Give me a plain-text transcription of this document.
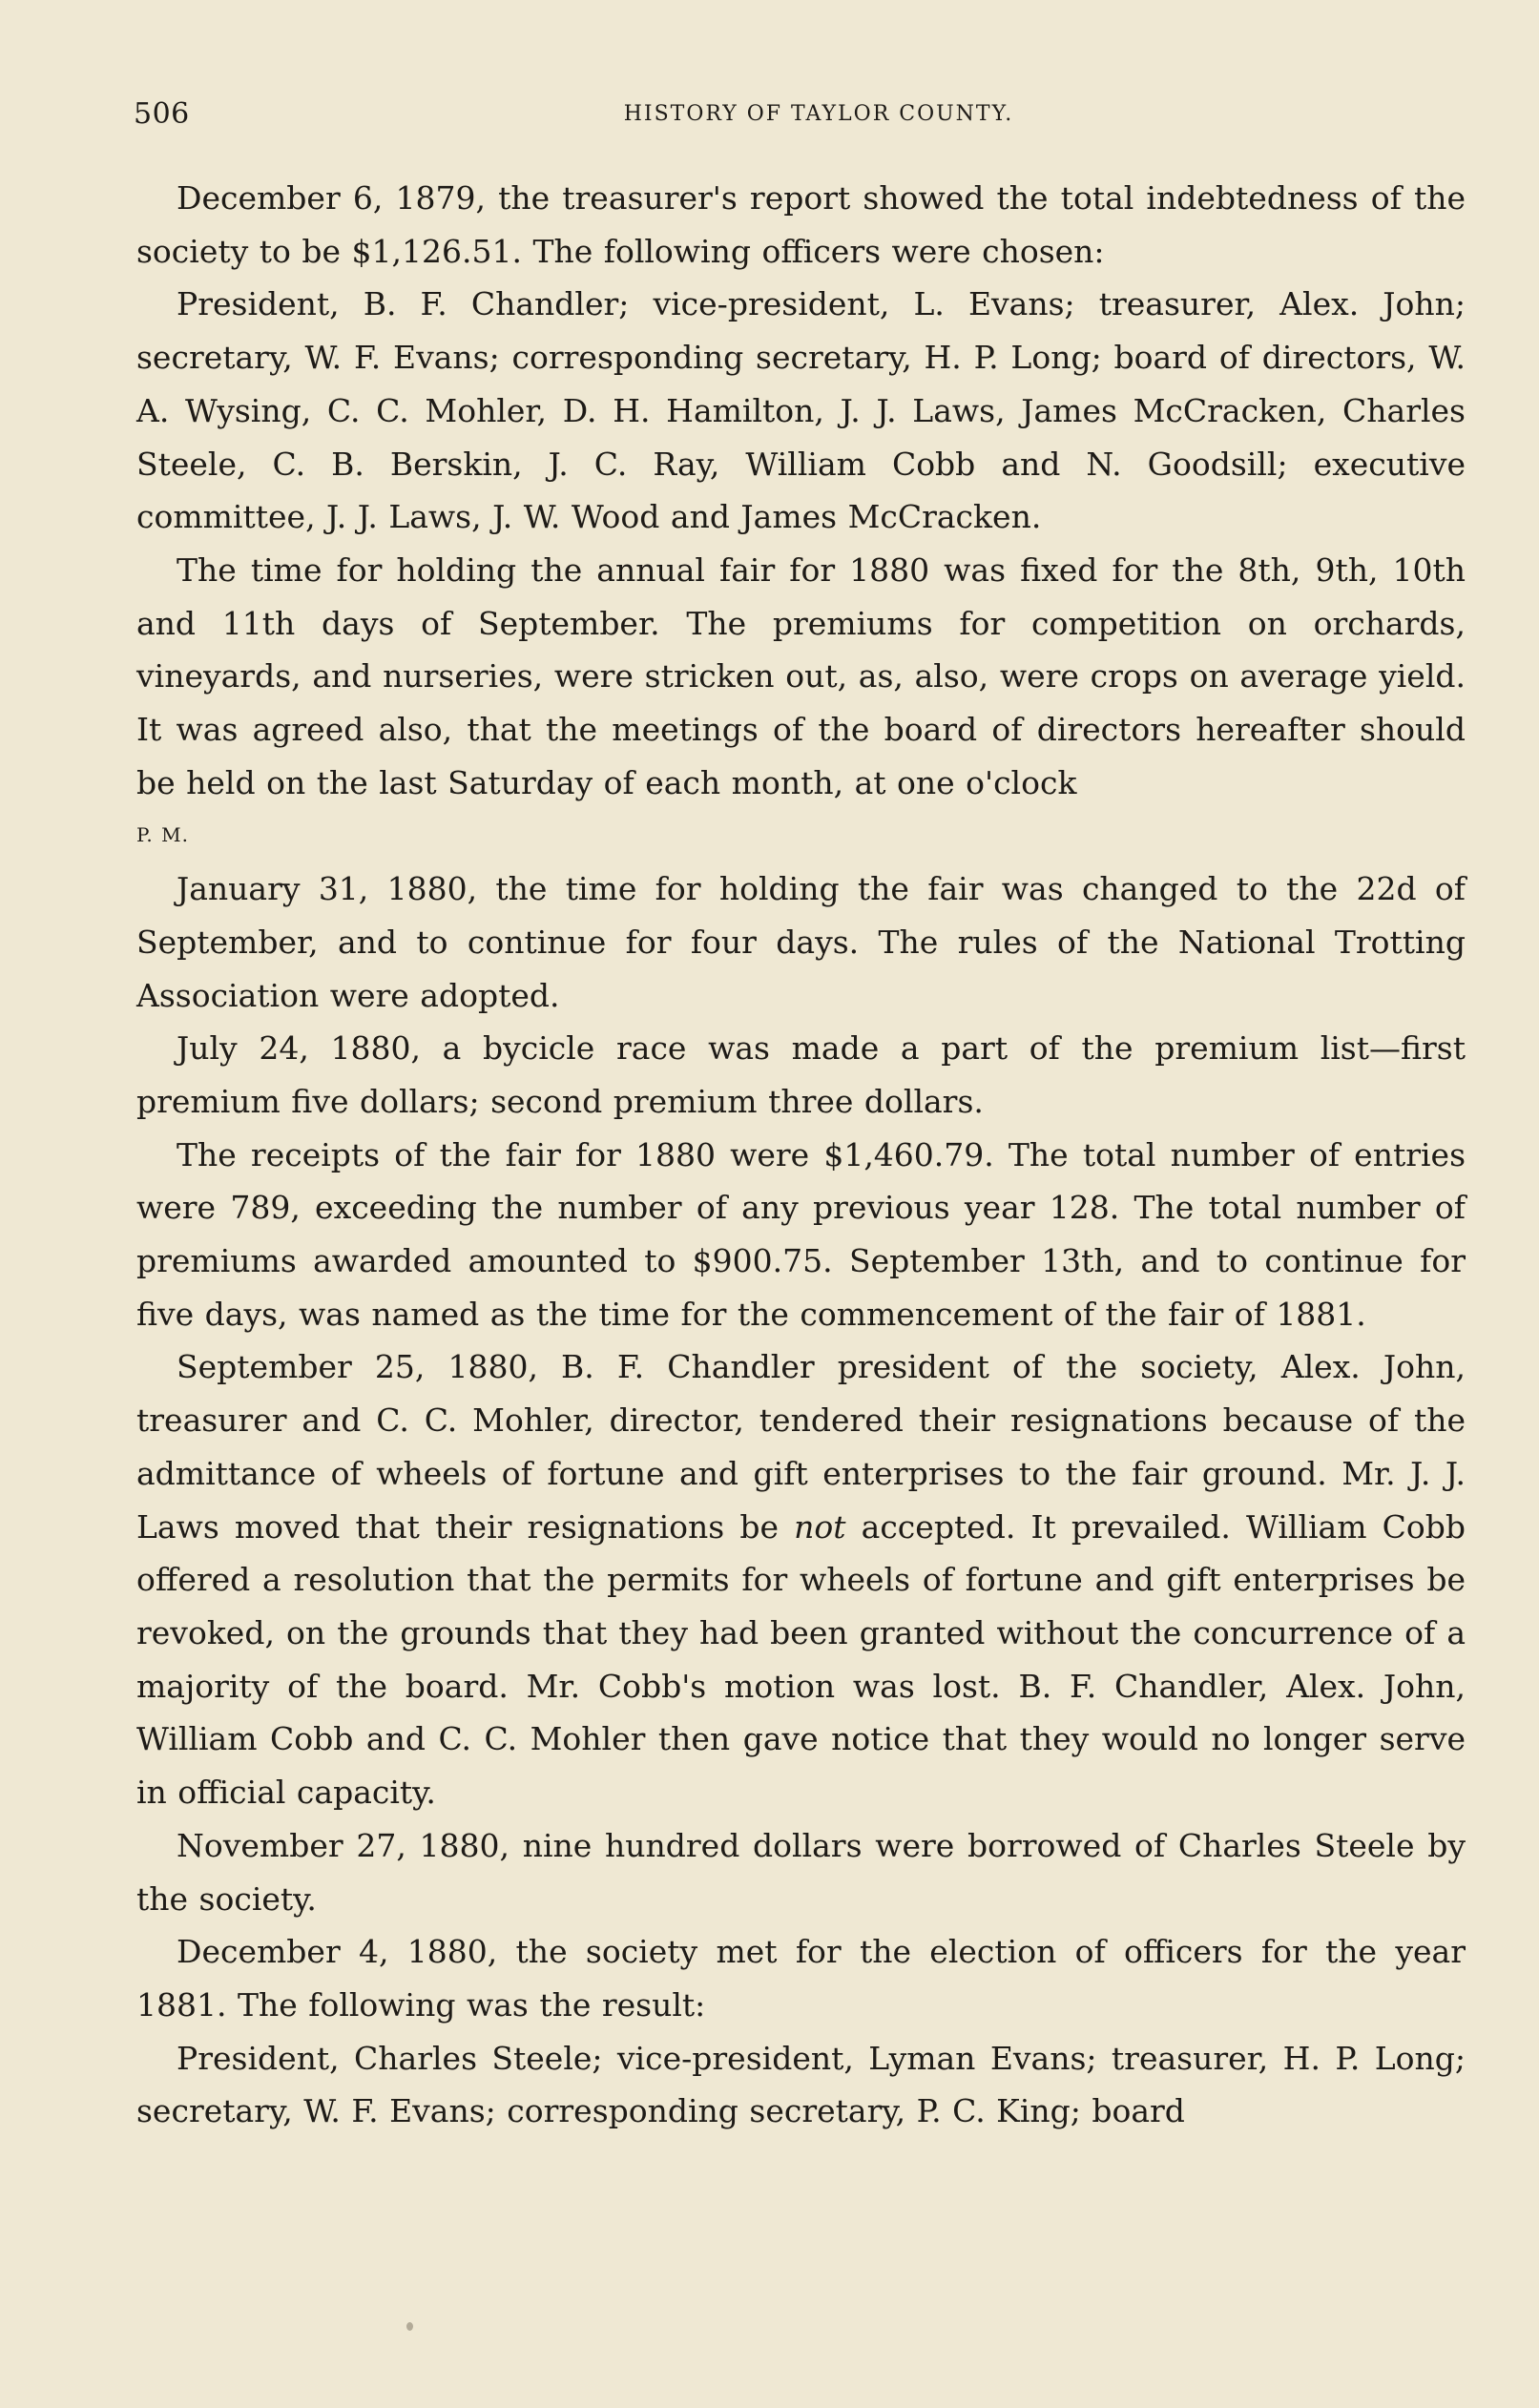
506	HISTORY OF TAYLOR COUNTY.

December 6, 1879, the treasurer's report showed the total indebtedness of the society to be $1,126.51. The following officers were chosen:

President, B. F. Chandler; vice-president, L. Evans; treasurer, Alex. John; secretary, W. F. Evans; corresponding secretary, H. P. Long; board of directors, W. A. Wysing, C. C. Mohler, D. H. Hamilton, J. J. Laws, James McCracken, Charles Steele, C. B. Berskin, J. C. Ray, William Cobb and N. Goodsill; executive committee, J. J. Laws, J. W. Wood and James McCracken.

The time for holding the annual fair for 1880 was fixed for the 8th, 9th, 10th and 11th days of September. The premiums for competition on orchards, vineyards, and nurseries, were stricken out, as, also, were crops on average yield. It was agreed also, that the meetings of the board of directors hereafter should be held on the last Saturday of each month, at one o'clock

P. M.

January 31, 1880, the time for holding the fair was changed to the 22d of September, and to continue for four days. The rules of the National Trotting Association were adopted.

July 24, 1880, a bycicle race was made a part of the premium list—first premium five dollars; second premium three dollars.

The receipts of the fair for 1880 were $1,460.79. The total number of entries were 789, exceeding the number of any previous year 128. The total number of premiums awarded amounted to $900.75. September 13th, and to continue for five days, was named as the time for the commencement of the fair of 1881.

September 25, 1880, B. F. Chandler president of the society, Alex. John, treasurer and C. C. Mohler, director, tendered their resignations because of the admittance of wheels of fortune and gift enterprises to the fair ground. Mr. J. J. Laws moved that their resignations be not accepted. It prevailed. William Cobb offered a resolution that the permits for wheels of fortune and gift enterprises be revoked, on the grounds that they had been granted without the concurrence of a majority of the board. Mr. Cobb's motion was lost. B. F. Chandler, Alex. John, William Cobb and C. C. Mohler then gave notice that they would no longer serve in official capacity.

November 27, 1880, nine hundred dollars were borrowed of Charles Steele by the society.

December 4, 1880, the society met for the election of officers for the year 1881. The following was the result:

President, Charles Steele; vice-president, Lyman Evans; treasurer, H. P. Long; secretary, W. F. Evans; corresponding secretary, P. C. King; board
